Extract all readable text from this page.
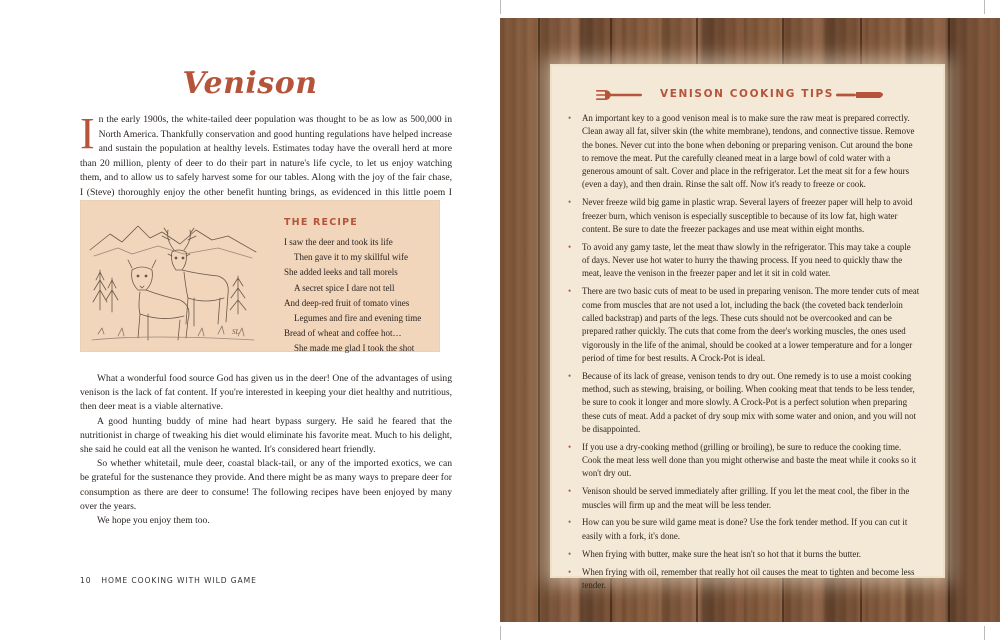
Venison

In the early 1900s, the white-tailed deer population was thought to be as low as 500,000 in North America. Thankfully conservation and good hunting regulations have helped increase and sustain the population at healthy levels. Estimates today have the overall herd at more than 20 million, plenty of deer to do their part in nature's life cycle, to let us enjoy watching them, and to allow us to safely harvest some for our tables. Along with the joy of the fair chase, I (Steve) thoroughly enjoy the other benefit hunting brings, as evidenced in this little poem I

SL
THE RECIPE
I saw the deer and took its life
Then gave it to my skillful wife
She added leeks and tall morels
A secret spice I dare not tell
And deep-red fruit of tomato vines
Legumes and fire and evening time
Bread of wheat and coffee hot…
She made me glad I took the shot

What a wonderful food source God has given us in the deer! One of the advantages of using venison is the lack of fat content. If you're interested in keeping your diet healthy and nutritious, then deer meat is a viable alternative.

A good hunting buddy of mine had heart bypass surgery. He said he feared that the nutritionist in charge of tweaking his diet would eliminate his favorite meat. Much to his delight, she said he could eat all the venison he wanted. It's considered heart friendly.

So whether whitetail, mule deer, coastal black-tail, or any of the imported exotics, we can be grateful for the sustenance they provide. And there might be as many ways to prepare deer for consumption as there are deer to consume! The following recipes have been enjoyed by many over the years.

We hope you enjoy them too.

10 HOME COOKING WITH WILD GAME
VENISON COOKING TIPS
• An important key to a good venison meal is to make sure the raw meat is prepared correctly. Clean away all fat, silver skin (the white membrane), tendons, and connective tissue. Remove the bones. Never cut into the bone when deboning or preparing venison. Cut around the bone to remove the meat. Put the carefully cleaned meat in a large bowl of cold water with a generous amount of salt. Cover and place in the refrigerator. Let the meat sit for a few hours (even a day), and then drain. Rinse the salt off. Now it's ready to freeze or cook.
• Never freeze wild big game in plastic wrap. Several layers of freezer paper will help to avoid freezer burn, which venison is especially susceptible to because of its low fat, high water content. Be sure to date the freezer packages and use meat within eight months.
• To avoid any gamy taste, let the meat thaw slowly in the refrigerator. This may take a couple of days. Never use hot water to hurry the thawing process. If you need to quickly thaw the meat, leave the venison in the freezer paper and let it sit in cold water.
• There are two basic cuts of meat to be used in preparing venison. The more tender cuts of meat come from muscles that are not used a lot, including the back (the coveted back tenderloin called backstrap) and parts of the legs. These cuts should not be overcooked and can be prepared rather quickly. The cuts that come from the deer's working muscles, the ones used vigorously in the life of the animal, should be cooked at a lower temperature and for a longer period of time for best results. A Crock-Pot is ideal.
• Because of its lack of grease, venison tends to dry out. One remedy is to use a moist cooking method, such as stewing, braising, or boiling. When cooking meat that tends to be less tender, be sure to cook it longer and more slowly. A Crock-Pot is a perfect solution when preparing these cuts of meat. Add a packet of dry soup mix with some water and onion, and you will not be disappointed.
• If you use a dry-cooking method (grilling or broiling), be sure to reduce the cooking time. Cook the meat less well done than you might otherwise and baste the meat while it cooks so it won't dry out.
• Venison should be served immediately after grilling. If you let the meat cool, the fiber in the muscles will firm up and the meat will be less tender.
• How can you be sure wild game meat is done? Use the fork tender method. If you can cut it easily with a fork, it's done.
• When frying with butter, make sure the heat isn't so hot that it burns the butter.
• When frying with oil, remember that really hot oil causes the meat to tighten and become less tender.
